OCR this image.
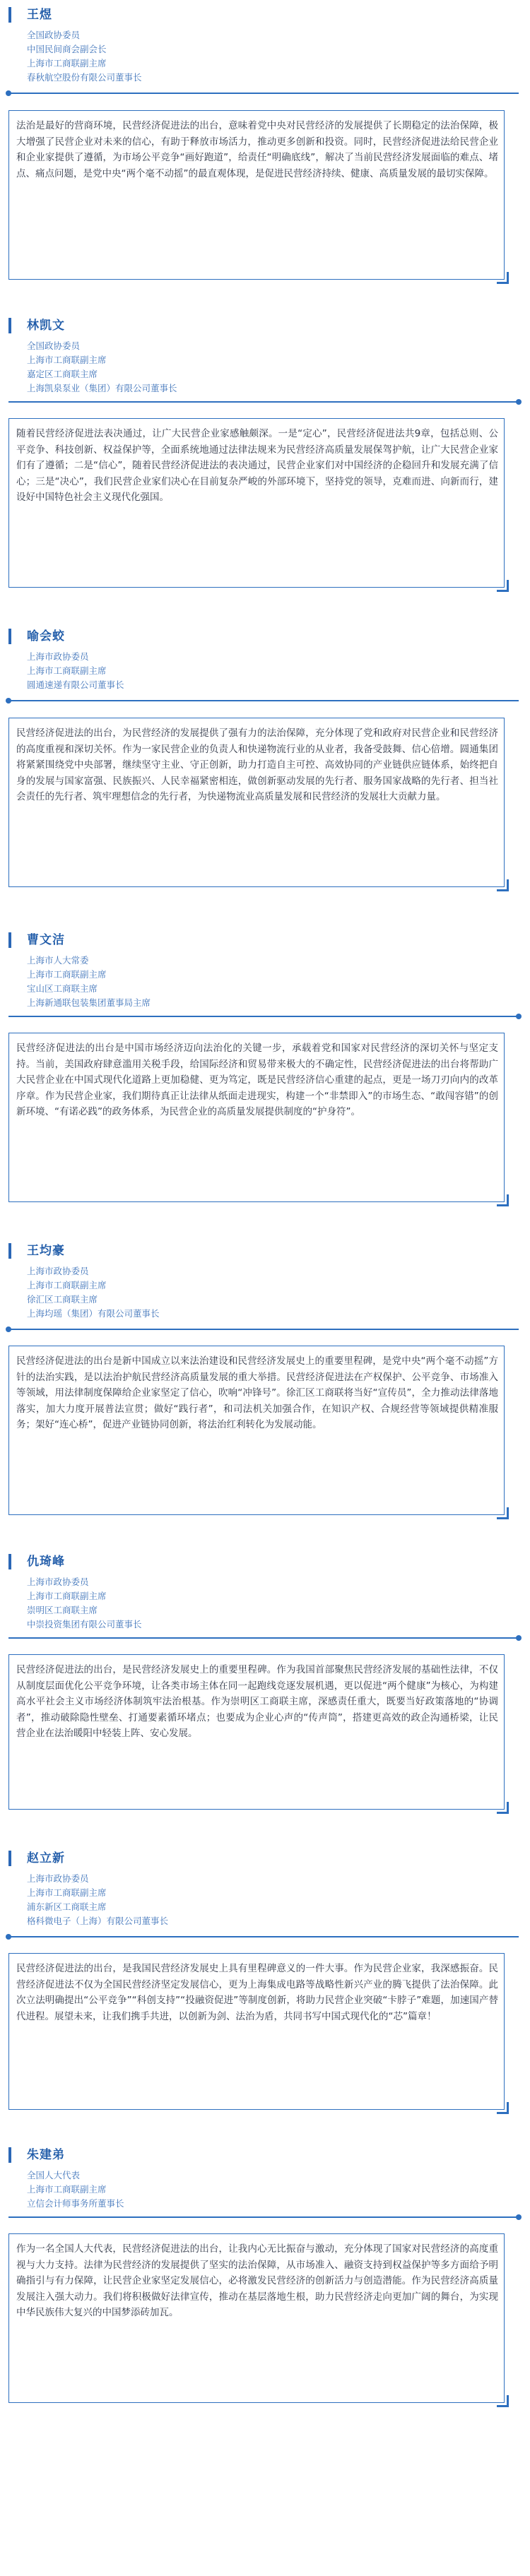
王煜
全国政协委员
中国民间商会副会长
上海市工商联副主席
春秋航空股份有限公司董事长
法治是最好的营商环境，民营经济促进法的出台，意味着党中央对民营经济的发展提供了长期稳定的法治保障，极大增强了民营企业对未来的信心，有助于释放市场活力，推动更多创新和投资。同时，民营经济促进法给民营企业和企业家提供了遵循，为市场公平竞争“画好跑道”，给责任“明确底线”，解决了当前民营经济发展面临的难点、堵点、痛点问题，是党中央“两个毫不动摇”的最直观体现，是促进民营经济持续、健康、高质量发展的最切实保障。
林凯文
全国政协委员
上海市工商联副主席
嘉定区工商联主席
上海凯泉泵业（集团）有限公司董事长
随着民营经济促进法表决通过，让广大民营企业家感触颇深。一是“定心”，民营经济促进法共9章，包括总则、公平竞争、科技创新、权益保护等，全面系统地通过法律法规来为民营经济高质量发展保驾护航，让广大民营企业家们有了遵循；二是“信心”，随着民营经济促进法的表决通过，民营企业家们对中国经济的企稳回升和发展充满了信心；三是“决心”，我们民营企业家们决心在目前复杂严峻的外部环境下，坚持党的领导，克难而进、向新而行，建设好中国特色社会主义现代化强国。
喻会蛟
上海市政协委员
上海市工商联副主席
圆通速递有限公司董事长
民营经济促进法的出台，为民营经济的发展提供了强有力的法治保障，充分体现了党和政府对民营企业和民营经济的高度重视和深切关怀。作为一家民营企业的负责人和快递物流行业的从业者，我备受鼓舞、信心倍增。圆通集团将紧紧围绕党中央部署，继续坚守主业、守正创新，助力打造自主可控、高效协同的产业链供应链体系，始终把自身的发展与国家富强、民族振兴、人民幸福紧密相连，做创新驱动发展的先行者、服务国家战略的先行者、担当社会责任的先行者、筑牢理想信念的先行者，为快递物流业高质量发展和民营经济的发展壮大贡献力量。
曹文洁
上海市人大常委
上海市工商联副主席
宝山区工商联主席
上海新通联包装集团董事局主席
民营经济促进法的出台是中国市场经济迈向法治化的关键一步，承载着党和国家对民营经济的深切关怀与坚定支持。当前，美国政府肆意滥用关税手段，给国际经济和贸易带来极大的不确定性，民营经济促进法的出台将帮助广大民营企业在中国式现代化道路上更加稳健、更为笃定，既是民营经济信心重建的起点，更是一场刀刃向内的改革序章。作为民营企业家，我们期待真正让法律从纸面走进现实，构建一个“非禁即入”的市场生态、“敢闯容错”的创新环境、“有诺必践”的政务体系，为民营企业的高质量发展提供制度的“护身符”。
王均豪
上海市政协委员
上海市工商联副主席
徐汇区工商联主席
上海均瑶（集团）有限公司董事长
民营经济促进法的出台是新中国成立以来法治建设和民营经济发展史上的重要里程碑，是党中央“两个毫不动摇”方针的法治实践，是以法治护航民营经济高质量发展的重大举措。民营经济促进法在产权保护、公平竞争、市场准入等领域，用法律制度保障给企业家坚定了信心，吹响“冲锋号”。徐汇区工商联将当好“宣传员”，全力推动法律落地落实，加大力度开展普法宣贯；做好“践行者”，和司法机关加强合作，在知识产权、合规经营等领域提供精准服务；架好“连心桥”，促进产业链协同创新，将法治红利转化为发展动能。
仇琦峰
上海市政协委员
上海市工商联副主席
崇明区工商联主席
中崇投资集团有限公司董事长
民营经济促进法的出台，是民营经济发展史上的重要里程碑。作为我国首部聚焦民营经济发展的基础性法律，不仅从制度层面优化公平竞争环境，让各类市场主体在同一起跑线竞逐发展机遇，更以促进“两个健康”为核心，为构建高水平社会主义市场经济体制筑牢法治根基。作为崇明区工商联主席，深感责任重大，既要当好政策落地的“协调者”，推动破除隐性壁垒、打通要素循环堵点；也要成为企业心声的“传声筒”，搭建更高效的政企沟通桥梁，让民营企业在法治暖阳中轻装上阵、安心发展。
赵立新
上海市政协委员
上海市工商联副主席
浦东新区工商联主席
格科微电子（上海）有限公司董事长
民营经济促进法的出台，是我国民营经济发展史上具有里程碑意义的一件大事。作为民营企业家，我深感振奋。民营经济促进法不仅为全国民营经济坚定发展信心，更为上海集成电路等战略性新兴产业的腾飞提供了法治保障。此次立法明确提出“公平竞争”“科创支持”“投融资促进”等制度创新，将助力民营企业突破“卡脖子”难题，加速国产替代进程。展望未来，让我们携手共进，以创新为剑、法治为盾，共同书写中国式现代化的“芯”篇章！
朱建弟
全国人大代表
上海市工商联副主席
立信会计师事务所董事长
作为一名全国人大代表，民营经济促进法的出台，让我内心无比振奋与激动，充分体现了国家对民营经济的高度重视与大力支持。法律为民营经济的发展提供了坚实的法治保障，从市场准入、融资支持到权益保护等多方面给予明确指引与有力保障，让民营企业家坚定发展信心，必将激发民营经济的创新活力与创造潜能。作为民营经济高质量发展注入强大动力。我们将积极做好法律宣传，推动在基层落地生根，助力民营经济走向更加广阔的舞台，为实现中华民族伟大复兴的中国梦添砖加瓦。
